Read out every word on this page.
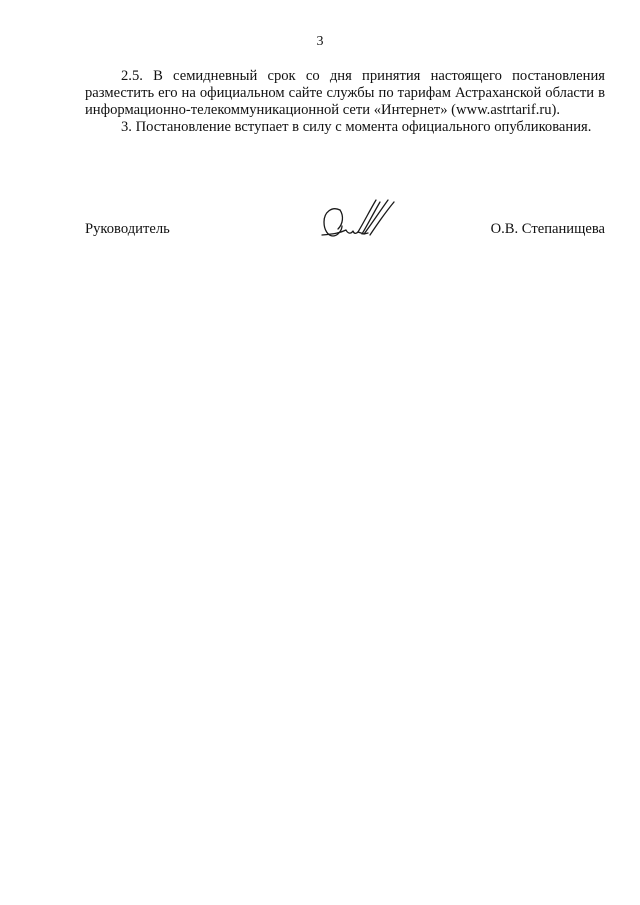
3

2.5. В семидневный срок со дня принятия настоящего постановления разместить его на официальном сайте службы по тарифам Астраханской области в информационно-телекоммуникационной сети «Интернет» (www.astrtarif.ru).

3. Постановление вступает в силу с момента официального опубликования.

Руководитель	О.В. Степанищева
